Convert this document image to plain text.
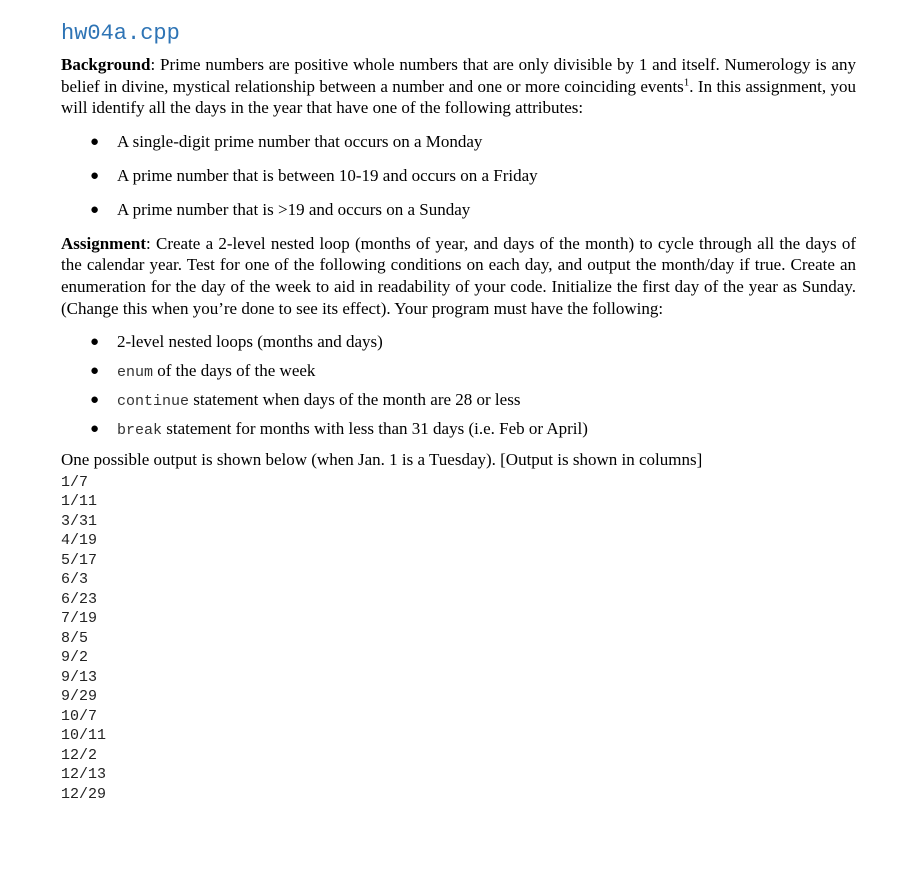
hw04a.cpp

Background: Prime numbers are positive whole numbers that are only divisible by 1 and itself. Numerology is any belief in divine, mystical relationship between a number and one or more coinciding events$^1$. In this assignment, you will identify all the days in the year that have one of the following attributes:

● A single-digit prime number that occurs on a Monday
● A prime number that is between 10-19 and occurs on a Friday
● A prime number that is >19 and occurs on a Sunday

Assignment: Create a 2-level nested loop (months of year, and days of the month) to cycle through all the days of the calendar year. Test for one of the following conditions on each day, and output the month/day if true. Create an enumeration for the day of the week to aid in readability of your code. Initialize the first day of the year as Sunday. (Change this when you’re done to see its effect). Your program must have the following:

● 2-level nested loops (months and days)
● enum of the days of the week
● continue statement when days of the month are 28 or less
● break statement for months with less than 31 days (i.e. Feb or April)

One possible output is shown below (when Jan. 1 is a Tuesday). [Output is shown in columns]

1/7
1/11
3/31
4/19
5/17
6/3
6/23
7/19
8/5
9/2
9/13
9/29
10/7
10/11
12/2
12/13
12/29
